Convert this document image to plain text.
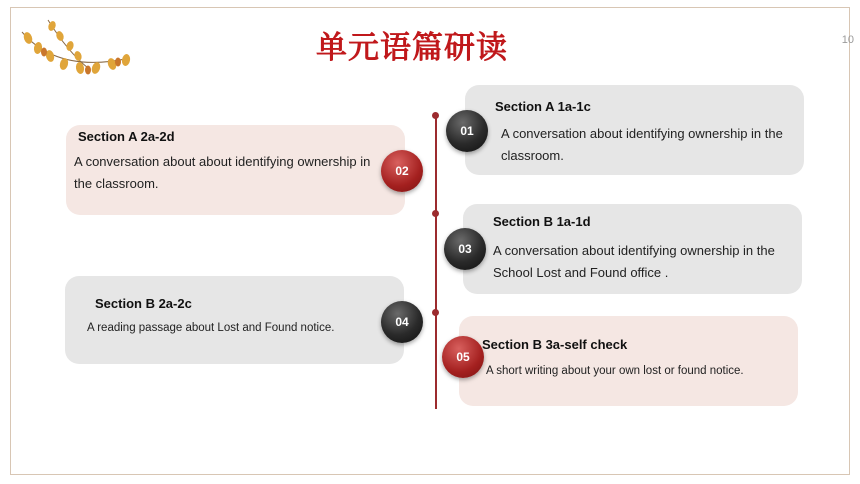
10
单元语篇研读
Section A 1a-1c
A conversation about identifying ownership in the classroom.
01
Section A 2a-2d
A conversation about about identifying ownership in the classroom.
02
Section B 1a-1d
A conversation about identifying ownership in the School Lost and Found office .
03
Section B 2a-2c
A reading passage about Lost and Found notice.	04
Section B 3a-self check
A short writing about your own lost or found notice.
05
